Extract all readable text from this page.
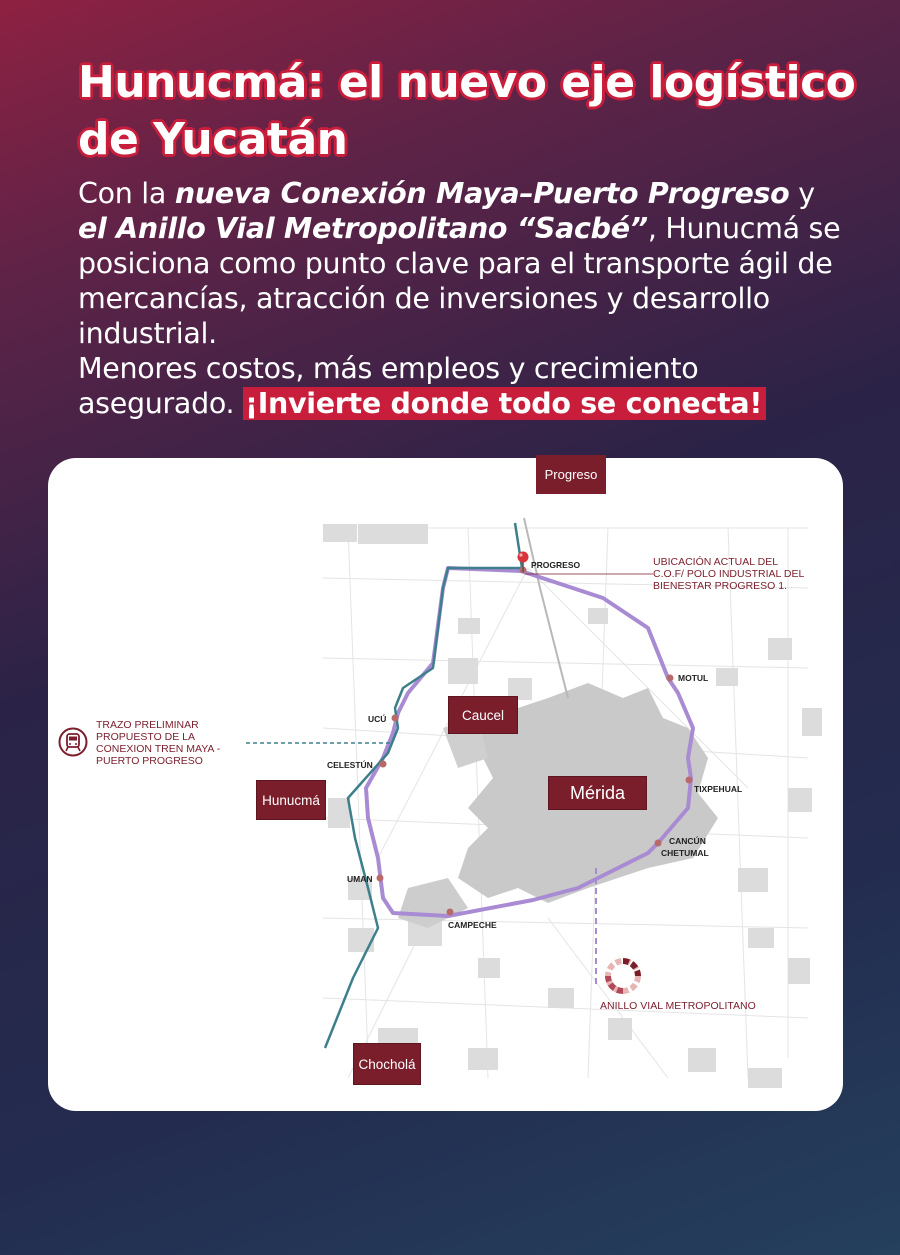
Hunucmá: el nuevo eje logístico
de Yucatán
Con la nueva Conexión Maya–Puerto Progreso y el Anillo Vial Metropolitano “Sacbé”, Hunucmá se posiciona como punto clave para el transporte ágil de mercancías, atracción de inversiones y desarrollo industrial.
Menores costos, más empleos y crecimiento asegurado. ¡Invierte donde todo se conecta!
PROGRESO
MOTUL
TIXPEHUAL
CANCÚN
CHETUMAL
CAMPECHE
UMAN
CELESTÚN
UCÚ
UBICACIÓN ACTUAL DEL
C.O.F/ POLO INDUSTRIAL DEL
BIENESTAR PROGRESO 1.
ANILLO VIAL METROPOLITANO
Caucel
Mérida
Hunucmá
Chocholá
Progreso
TRAZO PRELIMINAR
PROPUESTO DE LA
CONEXION TREN MAYA -
PUERTO PROGRESO
